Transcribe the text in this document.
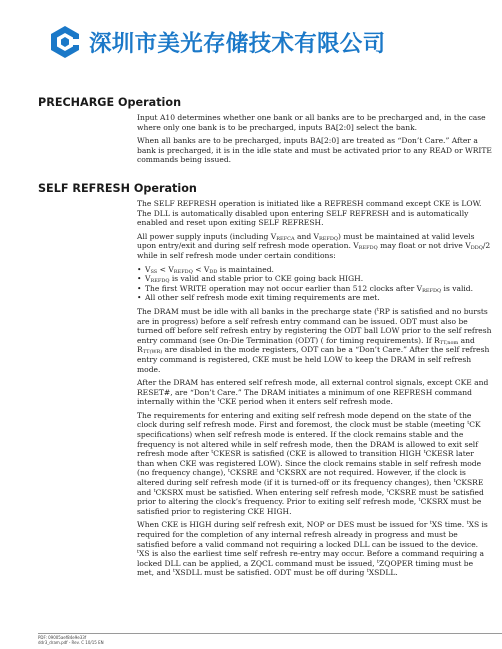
深圳市美光存储技术有限公司
PRECHARGE Operation

Input A10 determines whether one bank or all banks are to be precharged and, in the case where only one bank is to be precharged, inputs BA[2:0] select the bank.

When all banks are to be precharged, inputs BA[2:0] are treated as “Don’t Care.” After a bank is precharged, it is in the idle state and must be activated prior to any READ or WRITE commands being issued.

SELF REFRESH Operation

The SELF REFRESH operation is initiated like a REFRESH command except CKE is LOW. The DLL is automatically disabled upon entering SELF REFRESH and is automatically enabled and reset upon exiting SELF REFRESH.

All power supply inputs (including $V_{REFCA}$ and $V_{REFDQ}$) must be maintained at valid levels upon entry/exit and during self refresh mode operation. $V_{REFDQ}$ may float or not drive $V_{DDQ}/2$ while in self refresh mode under certain conditions:

• $V_{SS} < V_{REFDQ} < V_{DD}$ is maintained.
• $V_{REFDQ}$ is valid and stable prior to CKE going back HIGH.
• The first WRITE operation may not occur earlier than 512 clocks after $V_{REFDQ}$ is valid.
• All other self refresh mode exit timing requirements are met.

The DRAM must be idle with all banks in the precharge state ($^t$RP is satisfied and no bursts are in progress) before a self refresh entry command can be issued. ODT must also be turned off before self refresh entry by registering the ODT ball LOW prior to the self refresh entry command (see On-Die Termination (ODT) ( for timing requirements). If $R_{TT,nom}$ and $R_{TT(WR)}$ are disabled in the mode registers, ODT can be a “Don’t Care.” After the self refresh entry command is registered, CKE must be held LOW to keep the DRAM in self refresh mode.

After the DRAM has entered self refresh mode, all external control signals, except CKE and RESET#, are “Don’t Care.” The DRAM initiates a minimum of one REFRESH command internally within the $^t$CKE period when it enters self refresh mode.

The requirements for entering and exiting self refresh mode depend on the state of the clock during self refresh mode. First and foremost, the clock must be stable (meeting $^t$CK specifications) when self refresh mode is entered. If the clock remains stable and the frequency is not altered while in self refresh mode, then the DRAM is allowed to exit self refresh mode after $^t$CKESR is satisfied (CKE is allowed to transition HIGH $^t$CKESR later than when CKE was registered LOW). Since the clock remains stable in self refresh mode (no frequency change), $^t$CKSRE and $^t$CKSRX are not required. However, if the clock is altered during self refresh mode (if it is turned-off or its frequency changes), then $^t$CKSRE and $^t$CKSRX must be satisfied. When entering self refresh mode, $^t$CKSRE must be satisfied prior to altering the clock’s frequency. Prior to exiting self refresh mode, $^t$CKSRX must be satisfied prior to registering CKE HIGH.

When CKE is HIGH during self refresh exit, NOP or DES must be issued for $^t$XS time. $^t$XS is required for the completion of any internal refresh already in progress and must be satisfied before a valid command not requiring a locked DLL can be issued to the device. $^t$XS is also the earliest time self refresh re-entry may occur. Before a command requiring a locked DLL can be applied, a ZQCL command must be issued, $^t$ZQOPER timing must be met, and $^t$XSDLL must be satisfied. ODT must be off during $^t$XSDLL.

PDF: 09005aef84e9e33f
ddr3_dram.pdf - Rev. C 10/15 EN
